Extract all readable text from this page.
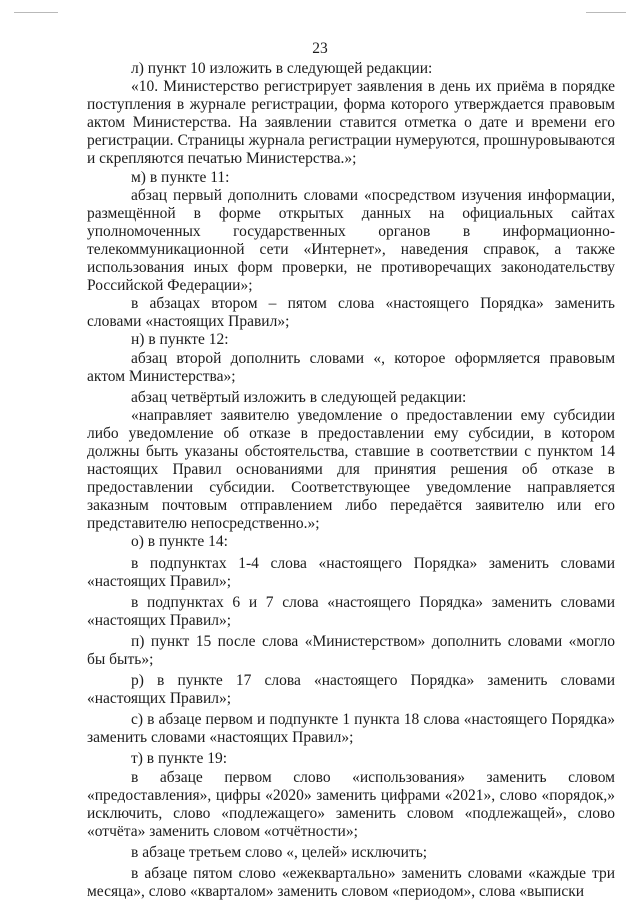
23

л) пункт 10 изложить в следующей редакции:

«10. Министерство регистрирует заявления в день их приёма в порядке поступления в журнале регистрации, форма которого утверждается правовым актом Министерства. На заявлении ставится отметка о дате и времени его регистрации. Страницы журнала регистрации нумеруются, прошнуровываются и скрепляются печатью Министерства.»;

м) в пункте 11:

абзац первый дополнить словами «посредством изучения информации, размещённой в форме открытых данных на официальных сайтах уполномоченных государственных органов в информационно-телекоммуникационной сети «Интернет», наведения справок, а также использования иных форм проверки, не противоречащих законодательству Российской Федерации»;

в абзацах втором – пятом слова «настоящего Порядка» заменить словами «настоящих Правил»;

н) в пункте 12:

абзац второй дополнить словами «, которое оформляется правовым актом Министерства»;

абзац четвёртый изложить в следующей редакции:

«направляет заявителю уведомление о предоставлении ему субсидии либо уведомление об отказе в предоставлении ему субсидии, в котором должны быть указаны обстоятельства, ставшие в соответствии с пунктом 14 настоящих Правил основаниями для принятия решения об отказе в предоставлении субсидии. Соответствующее уведомление направляется заказным почтовым отправлением либо передаётся заявителю или его представителю непосредственно.»;

о) в пункте 14:

в подпунктах 1-4 слова «настоящего Порядка» заменить словами «настоящих Правил»;

в подпунктах 6 и 7 слова «настоящего Порядка» заменить словами «настоящих Правил»;

п) пункт 15 после слова «Министерством» дополнить словами «могло бы быть»;

р) в пункте 17 слова «настоящего Порядка» заменить словами «настоящих Правил»;

с) в абзаце первом и подпункте 1 пункта 18 слова «настоящего Порядка» заменить словами «настоящих Правил»;

т) в пункте 19:

в абзаце первом слово «использования» заменить словом «предоставления», цифры «2020» заменить цифрами «2021», слово «порядок,» исключить, слово «подлежащего» заменить словом «подлежащей», слово «отчёта» заменить словом «отчётности»;

в абзаце третьем слово «, целей» исключить;

в абзаце пятом слово «ежеквартально» заменить словами «каждые три месяца», слово «кварталом» заменить словом «периодом», слова «выписки
